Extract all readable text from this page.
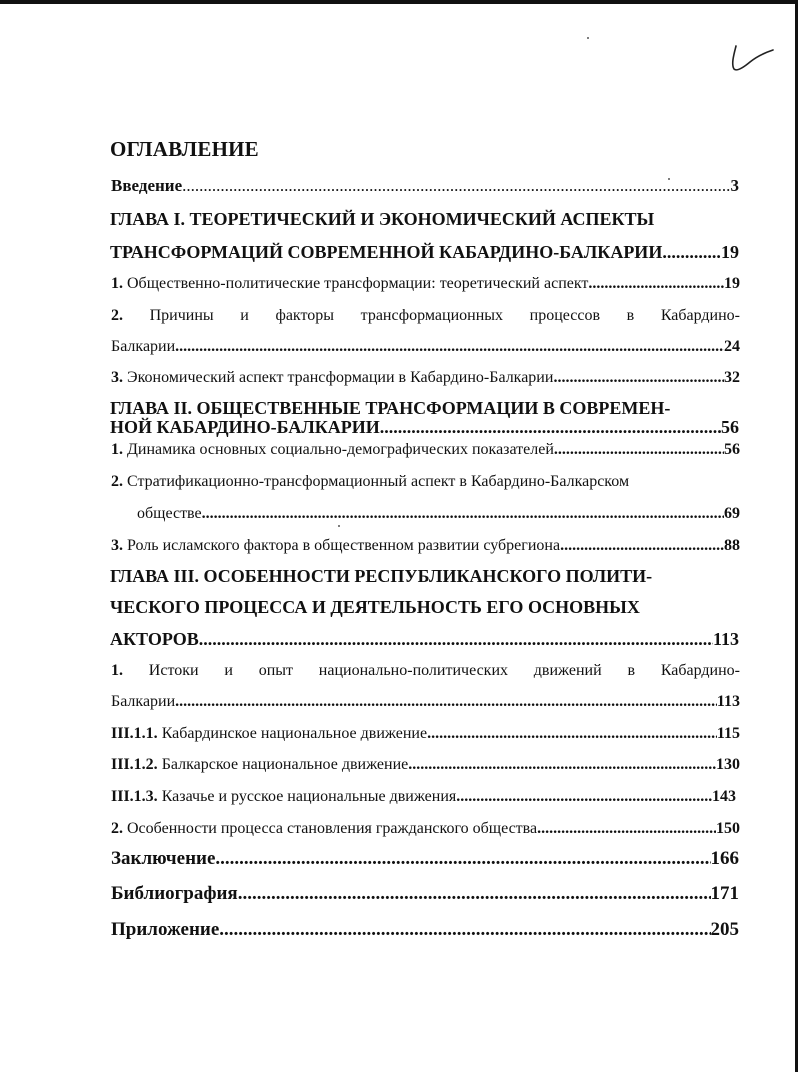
ОГЛАВЛЕНИЕ
Введение .....	3
ГЛАВА I. ТЕОРЕТИЧЕСКИЙ И ЭКОНОМИЧЕСКИЙ АСПЕКТЫ
ТРАНСФОРМАЦИЙ СОВРЕМЕННОЙ КАБАРДИНО-БАЛКАРИИ .....	19
1. Общественно-политические трансформации: теоретический аспект .....	19
2. Причины и факторы трансформационных процессов в Кабардино-
Балкарии .....	24
3. Экономический аспект трансформации в Кабардино-Балкарии .....	32
ГЛАВА II. ОБЩЕСТВЕННЫЕ ТРАНСФОРМАЦИИ В СОВРЕМЕН-
НОЙ КАБАРДИНО-БАЛКАРИИ .....	56
1. Динамика основных социально-демографических показателей .....	56
2. Стратификационно-трансформационный аспект в Кабардино-Балкарском
обществе .....	69
3. Роль исламского фактора в общественном развитии субрегиона .....	88
ГЛАВА III. ОСОБЕННОСТИ РЕСПУБЛИКАНСКОГО ПОЛИТИ-
ЧЕСКОГО ПРОЦЕССА И ДЕЯТЕЛЬНОСТЬ ЕГО ОСНОВНЫХ
АКТОРОВ .....	113
1. Истоки и опыт национально-политических движений в Кабардино-
Балкарии .....	113
III.1.1. Кабардинское национальное движение .....	115
III.1.2. Балкарское национальное движение .....	130
III.1.3. Казачье и русское национальные движения .....	143
2. Особенности процесса становления гражданского общества .....	150
Заключение .....	166
Библиография .....	171
Приложение .....	205
